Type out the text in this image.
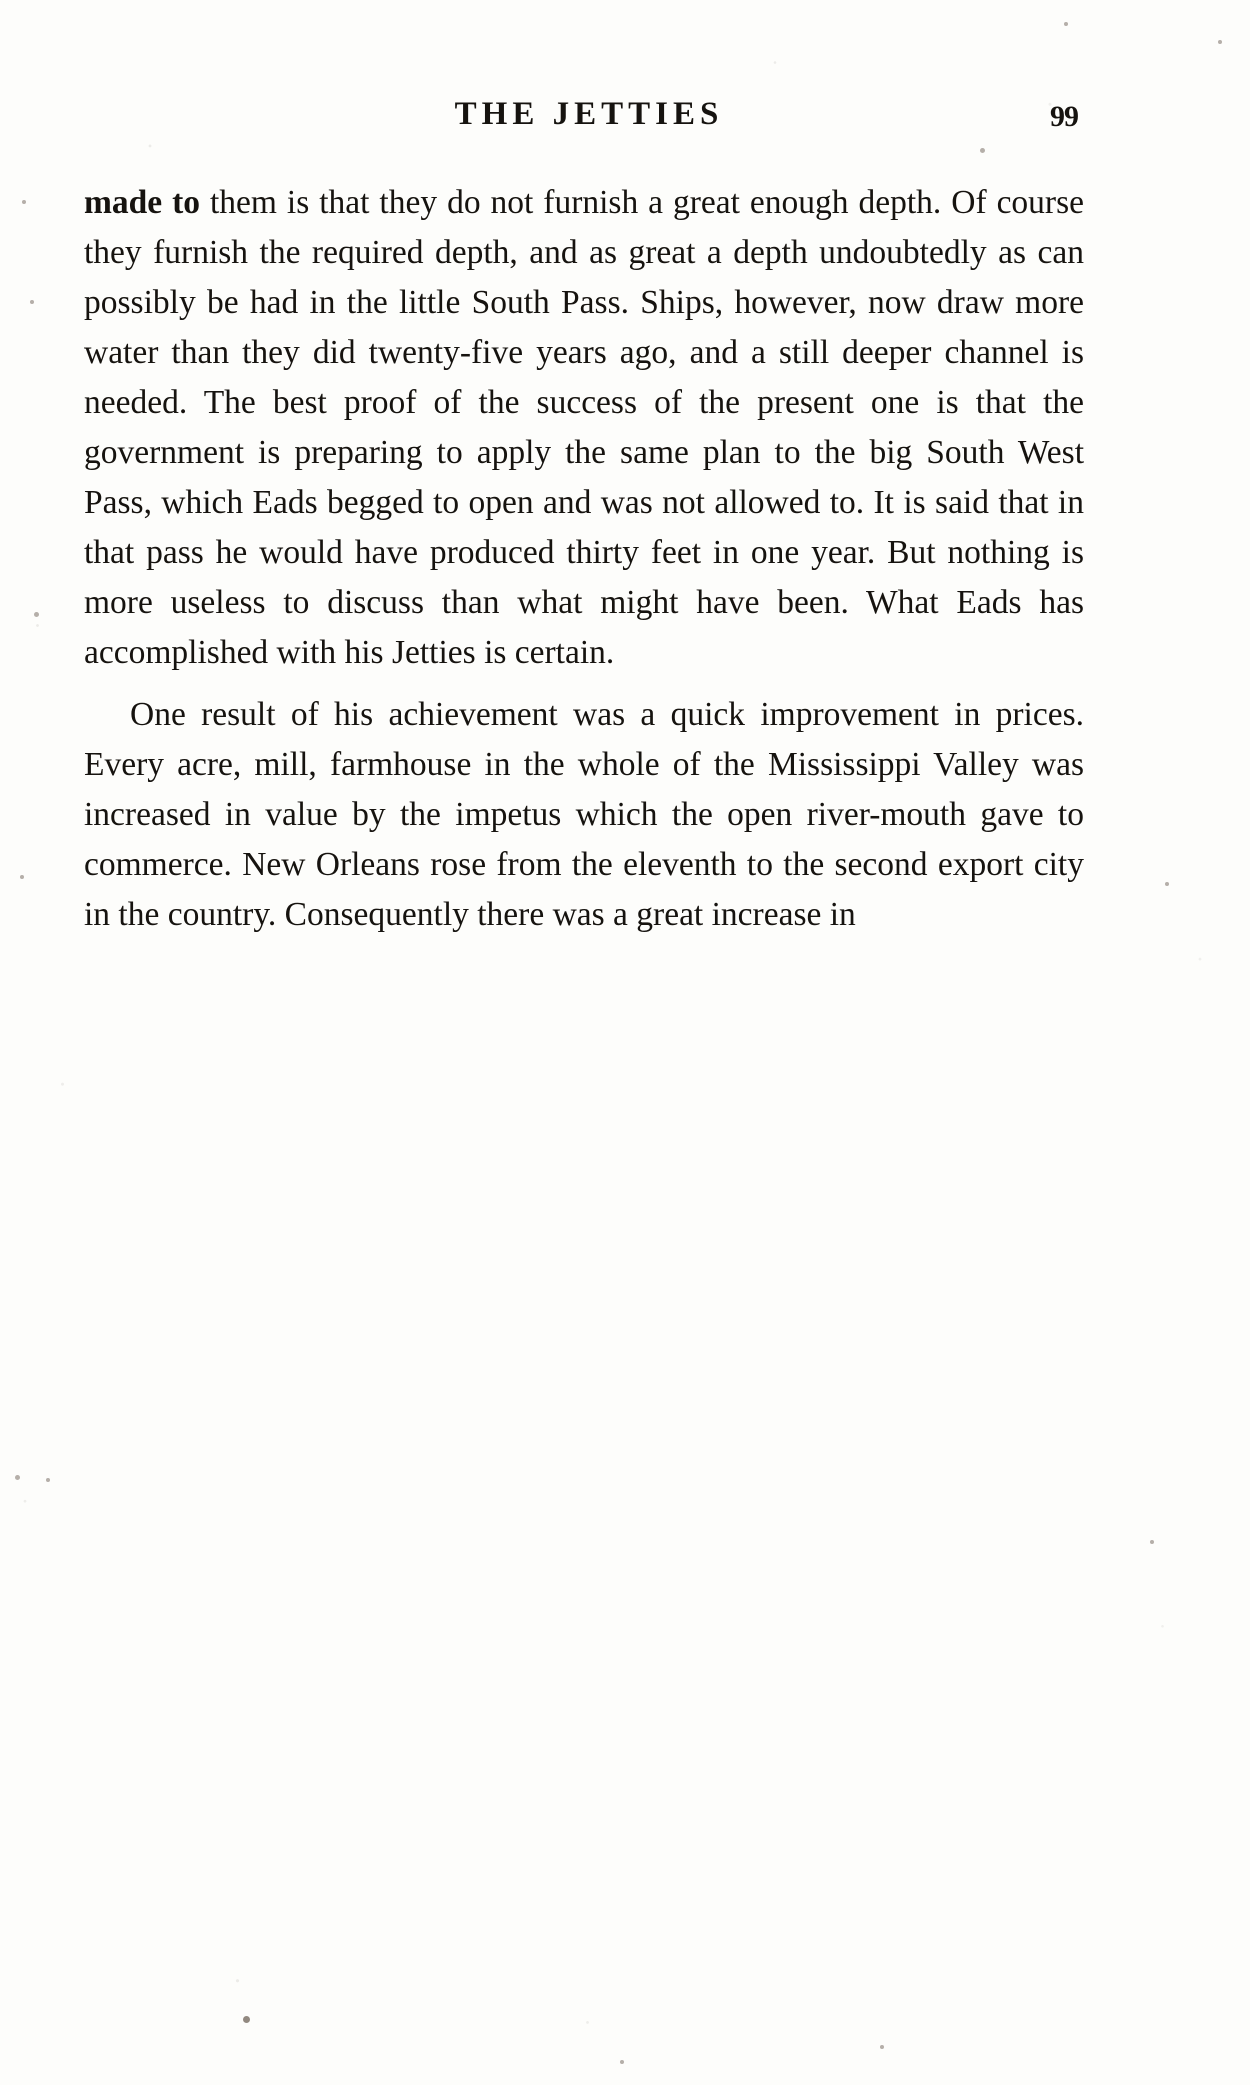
THE JETTIES	99

made to them is that they do not furnish a great enough depth. Of course they furnish the required depth, and as great a depth undoubtedly as can possibly be had in the little South Pass. Ships, however, now draw more water than they did twenty-five years ago, and a still deeper channel is needed. The best proof of the success of the present one is that the government is preparing to apply the same plan to the big South West Pass, which Eads begged to open and was not allowed to. It is said that in that pass he would have produced thirty feet in one year. But nothing is more useless to discuss than what might have been. What Eads has accomplished with his Jetties is certain.

One result of his achievement was a quick improvement in prices. Every acre, mill, farmhouse in the whole of the Mississippi Valley was increased in value by the impetus which the open river-mouth gave to commerce. New Orleans rose from the eleventh to the second export city in the country. Consequently there was a great increase in
